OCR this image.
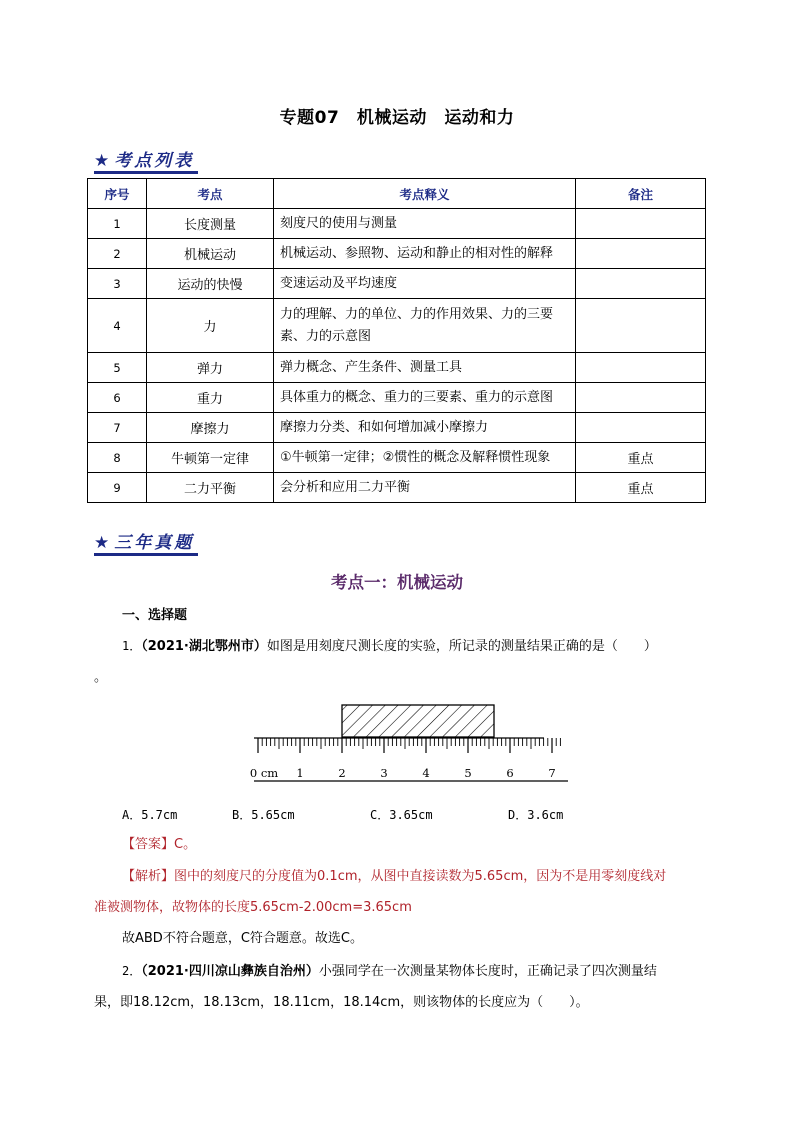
专题07　机械运动　运动和力
★ 考点列表
序号	考点	考点释义	备注
1	长度测量	刻度尺的使用与测量	
2	机械运动	机械运动、参照物、运动和静止的相对性的解释	
3	运动的快慢	变速运动及平均速度	
4	力	力的理解、力的单位、力的作用效果、力的三要素、力的示意图	
5	弹力	弹力概念、产生条件、测量工具	
6	重力	具体重力的概念、重力的三要素、重力的示意图	
7	摩擦力	摩擦力分类、和如何增加减小摩擦力	
8	牛顿第一定律	①牛顿第一定律；②惯性的概念及解释惯性现象	重点
9	二力平衡	会分析和应用二力平衡	重点
★ 三年真题
考点一：机械运动
一、选择题
1．（2021·湖北鄂州市）如图是用刻度尺测长度的实验，所记录的测量结果正确的是（　　）
。
0 cm 1	2	3	4	5	6	7
A．5.7cm	B．5.65cm	C．3.65cm	D．3.6cm
【答案】C。
【解析】图中的刻度尺的分度值为0.1cm，从图中直接读数为5.65cm，因为不是用零刻度线对
准被测物体，故物体的长度5.65cm-2.00cm=3.65cm
故ABD不符合题意，C符合题意。故选C。
2．（2021·四川凉山彝族自治州）小强同学在一次测量某物体长度时，正确记录了四次测量结
果，即18.12cm，18.13cm，18.11cm，18.14cm，则该物体的长度应为（　　）。
